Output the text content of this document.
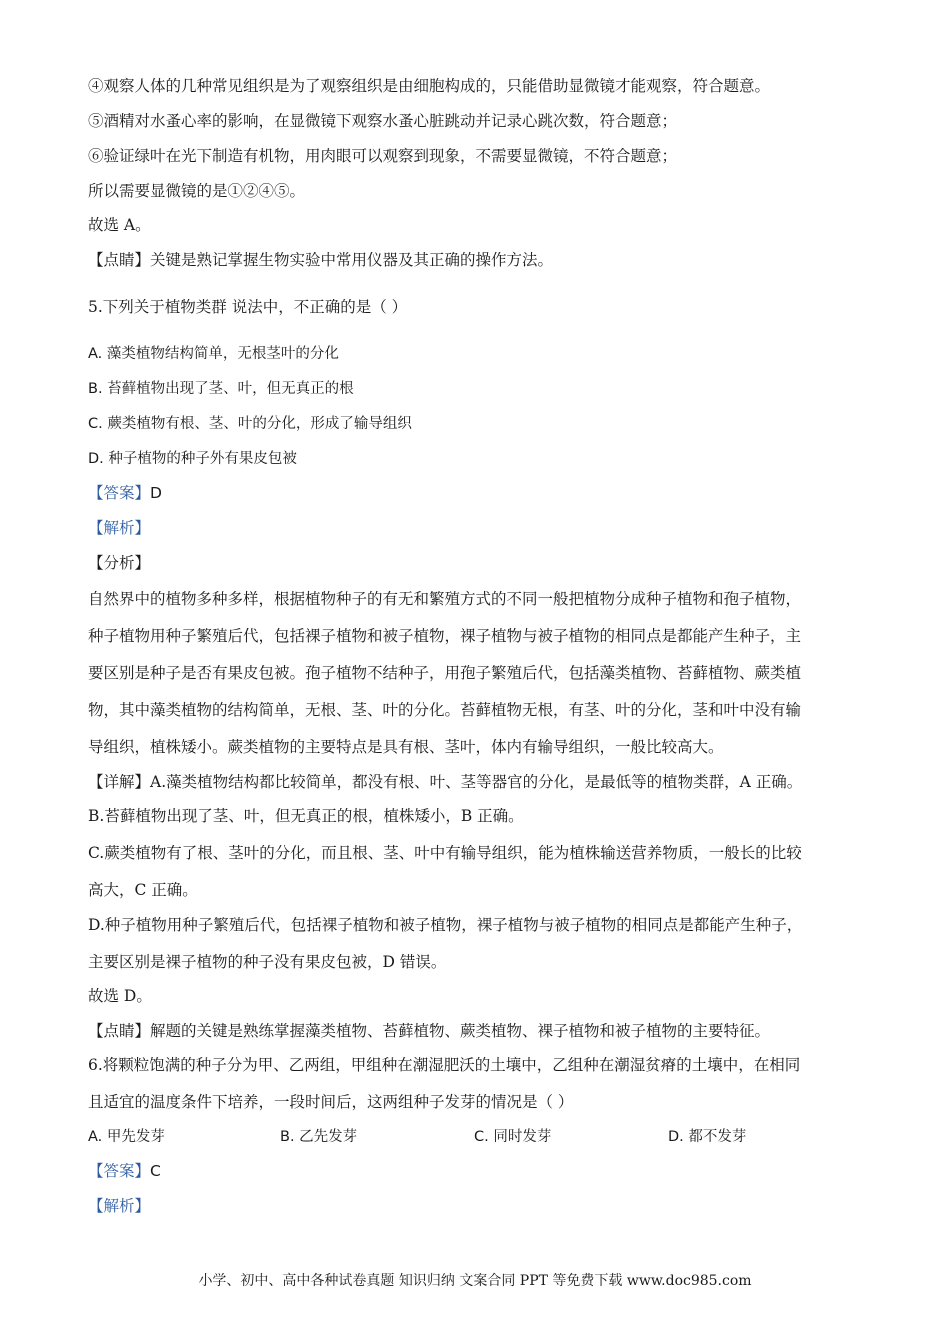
④观察人体的几种常见组织是为了观察组织是由细胞构成的，只能借助显微镜才能观察，符合题意。
⑤酒精对水蚤心率的影响，在显微镜下观察水蚤心脏跳动并记录心跳次数，符合题意；
⑥验证绿叶在光下制造有机物，用肉眼可以观察到现象，不需要显微镜，不符合题意；
所以需要显微镜的是①②④⑤。
故选 A。
【点睛】关键是熟记掌握生物实验中常用仪器及其正确的操作方法。
5.下列关于植物类群 说法中，不正确的是（ ）
A. 藻类植物结构简单，无根茎叶的分化
B. 苔藓植物出现了茎、叶，但无真正的根
C. 蕨类植物有根、茎、叶的分化，形成了输导组织
D. 种子植物的种子外有果皮包被
【答案】D
【解析】
【分析】
自然界中的植物多种多样，根据植物种子的有无和繁殖方式的不同一般把植物分成种子植物和孢子植物，
种子植物用种子繁殖后代，包括裸子植物和被子植物，裸子植物与被子植物的相同点是都能产生种子，主
要区别是种子是否有果皮包被。孢子植物不结种子，用孢子繁殖后代，包括藻类植物、苔藓植物、蕨类植
物，其中藻类植物的结构简单，无根、茎、叶的分化。苔藓植物无根，有茎、叶的分化，茎和叶中没有输
导组织，植株矮小。蕨类植物的主要特点是具有根、茎叶，体内有输导组织，一般比较高大。
【详解】A.藻类植物结构都比较简单，都没有根、叶、茎等器官的分化，是最低等的植物类群，A 正确。
B.苔藓植物出现了茎、叶，但无真正的根，植株矮小，B 正确。
C.蕨类植物有了根、茎叶的分化，而且根、茎、叶中有输导组织，能为植株输送营养物质，一般长的比较
高大，C 正确。
D.种子植物用种子繁殖后代，包括裸子植物和被子植物，裸子植物与被子植物的相同点是都能产生种子，
主要区别是裸子植物的种子没有果皮包被，D 错误。
故选 D。
【点睛】解题的关键是熟练掌握藻类植物、苔藓植物、蕨类植物、裸子植物和被子植物的主要特征。
6.将颗粒饱满的种子分为甲、乙两组，甲组种在潮湿肥沃的土壤中，乙组种在潮湿贫瘠的土壤中，在相同
且适宜的温度条件下培养，一段时间后，这两组种子发芽的情况是（ ）
A. 甲先发芽	B. 乙先发芽	C. 同时发芽	D. 都不发芽
【答案】C
【解析】
小学、初中、高中各种试卷真题 知识归纳 文案合同 PPT 等免费下载 www.doc985.com
